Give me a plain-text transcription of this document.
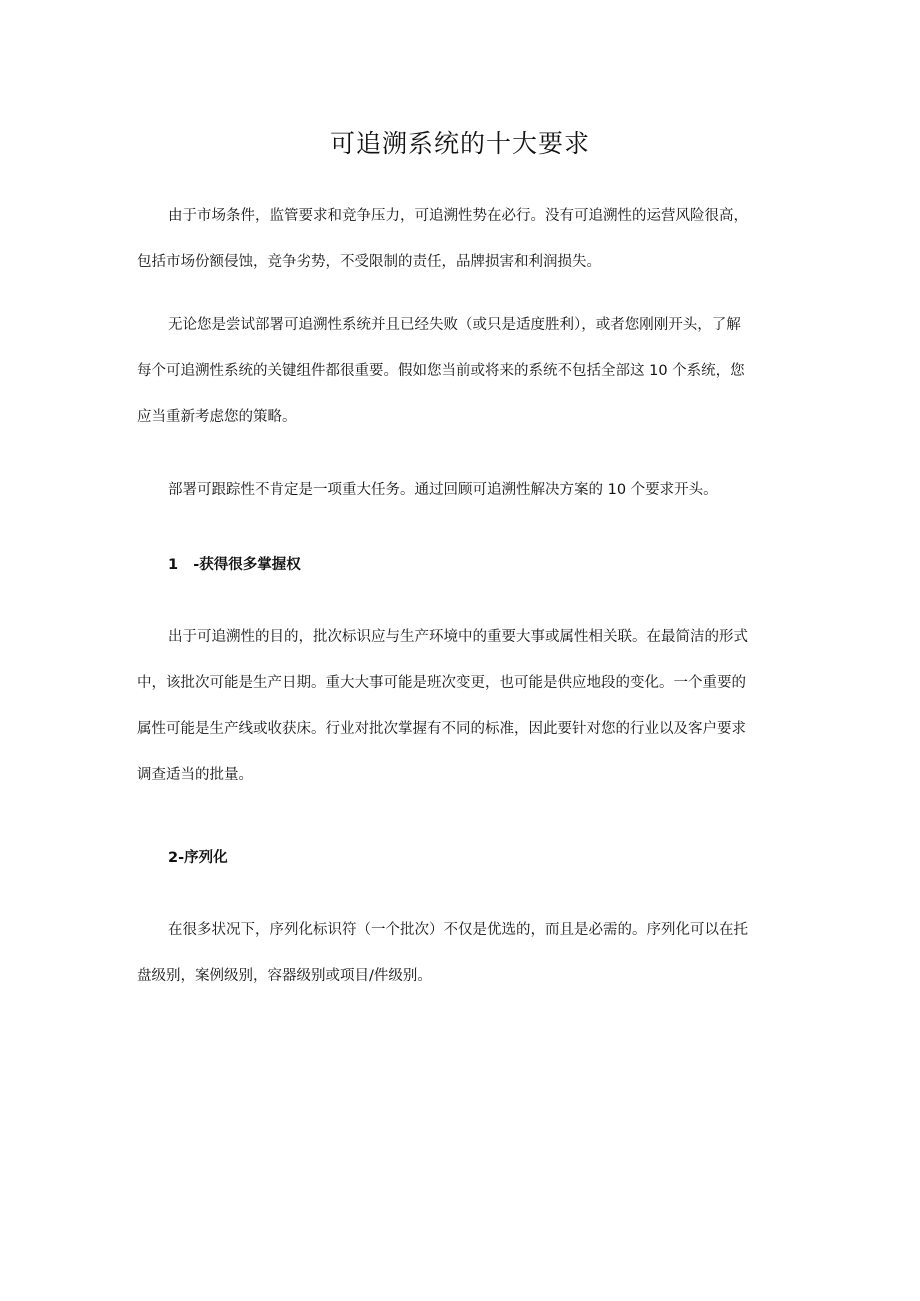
可追溯系统的十大要求

由于市场条件，监管要求和竞争压力，可追溯性势在必行。没有可追溯性的运营风险很高，
包括市场份额侵蚀，竞争劣势，不受限制的责任，品牌损害和利润损失。

无论您是尝试部署可追溯性系统并且已经失败（或只是适度胜利），或者您刚刚开头，了解
每个可追溯性系统的关键组件都很重要。假如您当前或将来的系统不包括全部这 10 个系统，您
应当重新考虑您的策略。

部署可跟踪性不肯定是一项重大任务。通过回顾可追溯性解决方案的 10 个要求开头。

1   -获得很多掌握权

出于可追溯性的目的，批次标识应与生产环境中的重要大事或属性相关联。在最简洁的形式
中，该批次可能是生产日期。重大大事可能是班次变更，也可能是供应地段的变化。一个重要的
属性可能是生产线或收获床。行业对批次掌握有不同的标准，因此要针对您的行业以及客户要求
调查适当的批量。

2-序列化

在很多状况下，序列化标识符（一个批次）不仅是优选的，而且是必需的。序列化可以在托
盘级别，案例级别，容器级别或项目/件级别。
